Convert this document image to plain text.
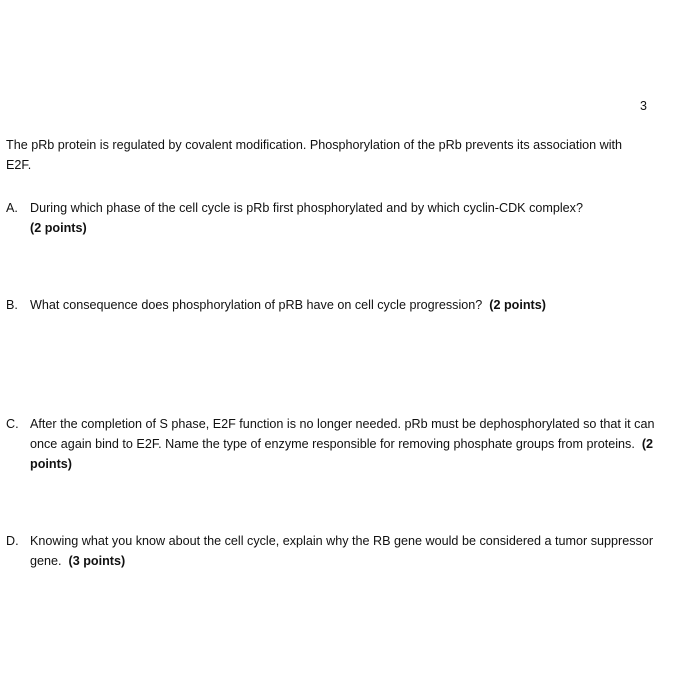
3
The pRb protein is regulated by covalent modification. Phosphorylation of the pRb prevents its association with E2F.
A. During which phase of the cell cycle is pRb first phosphorylated and by which cyclin-CDK complex?
(2 points)
B. What consequence does phosphorylation of pRB have on cell cycle progression? (2 points)
C. After the completion of S phase, E2F function is no longer needed. pRb must be dephosphorylated so that it can once again bind to E2F. Name the type of enzyme responsible for removing phosphate groups from proteins. (2 points)
D. Knowing what you know about the cell cycle, explain why the RB gene would be considered a tumor suppressor gene. (3 points)
